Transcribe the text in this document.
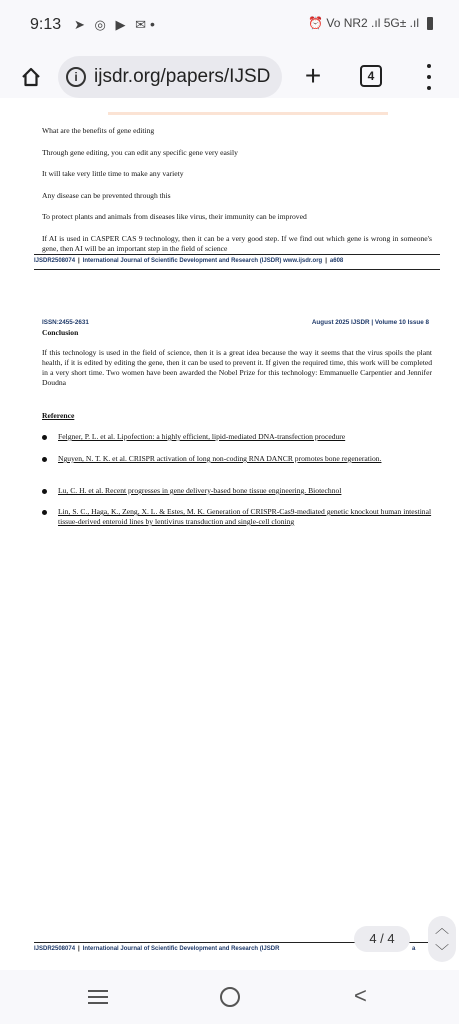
9:13 ➤ ◎ ▶ ✉ •	⏰ Vo NR2 .ıl 5G± .ıl
i ijsdr.org/papers/IJSD +	4
What are the benefits of gene editing
Through gene editing, you can edit any specific gene very easily
It will take very little time to make any variety
Any disease can be prevented through this
To protect plants and animals from diseases like virus, their immunity can be improved
If AI is used in CASPER CAS 9 technology, then it can be a very good step. If we find out which gene is wrong in someone's gene, then AI will be an important step in the field of science
IJSDR2508074 | International Journal of Scientific Development and Research (IJSDR) www.ijsdr.org | a608
ISSN:2455-2631	August 2025 IJSDR | Volume 10 Issue 8
Conclusion
If this technology is used in the field of science, then it is a great idea because the way it seems that the virus spoils the plant health, if it is edited by editing the gene, then it can be used to prevent it. If given the required time, this work will be completed in a very short time. Two women have been awarded the Nobel Prize for this technology: Emmanuelle Carpentier and Jennifer Doudna
Reference
Felgner, P. L. et al. Lipofection: a highly efficient, lipid-mediated DNA-transfection procedure
Nguyen, N. T. K. et al. CRISPR activation of long non-coding RNA DANCR promotes bone regeneration.
Lu, C. H. et al. Recent progresses in gene delivery-based bone tissue engineering. Biotechnol
Lin, S. C., Haga, K., Zeng, X. L. & Estes, M. K. Generation of CRISPR-Cas9-mediated genetic knockout human intestinal tissue-derived enteroid lines by lentivirus transduction and single-cell cloning
IJSDR2508074 | International Journal of Scientific Development and Research (IJSDR	a
4 / 4
︿
﹀
<
